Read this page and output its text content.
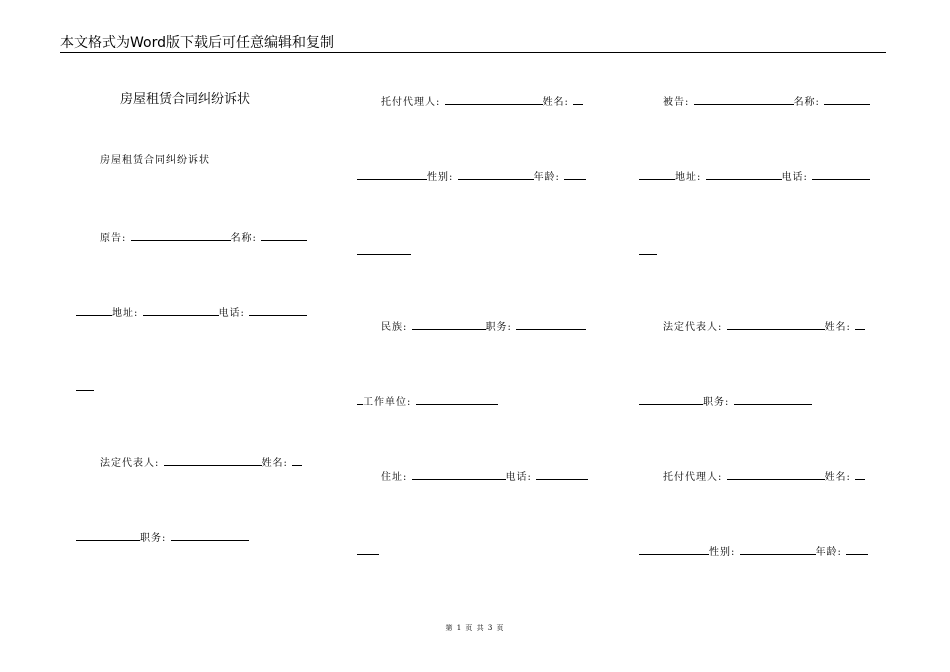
本文格式为Word版下载后可任意编辑和复制
房屋租赁合同纠纷诉状
房屋租赁合同纠纷诉状
原告:	名称:
地址:	电话:
法定代表人:	姓名:
职务:
托付代理人:	姓名:
性别:	年龄:
民族:	职务:
工作单位:
住址:	电话:
被告:	名称:
地址:	电话:
法定代表人:	姓名:
职务:
托付代理人:	姓名:
性别:	年龄:
第 1 页 共 3 页
